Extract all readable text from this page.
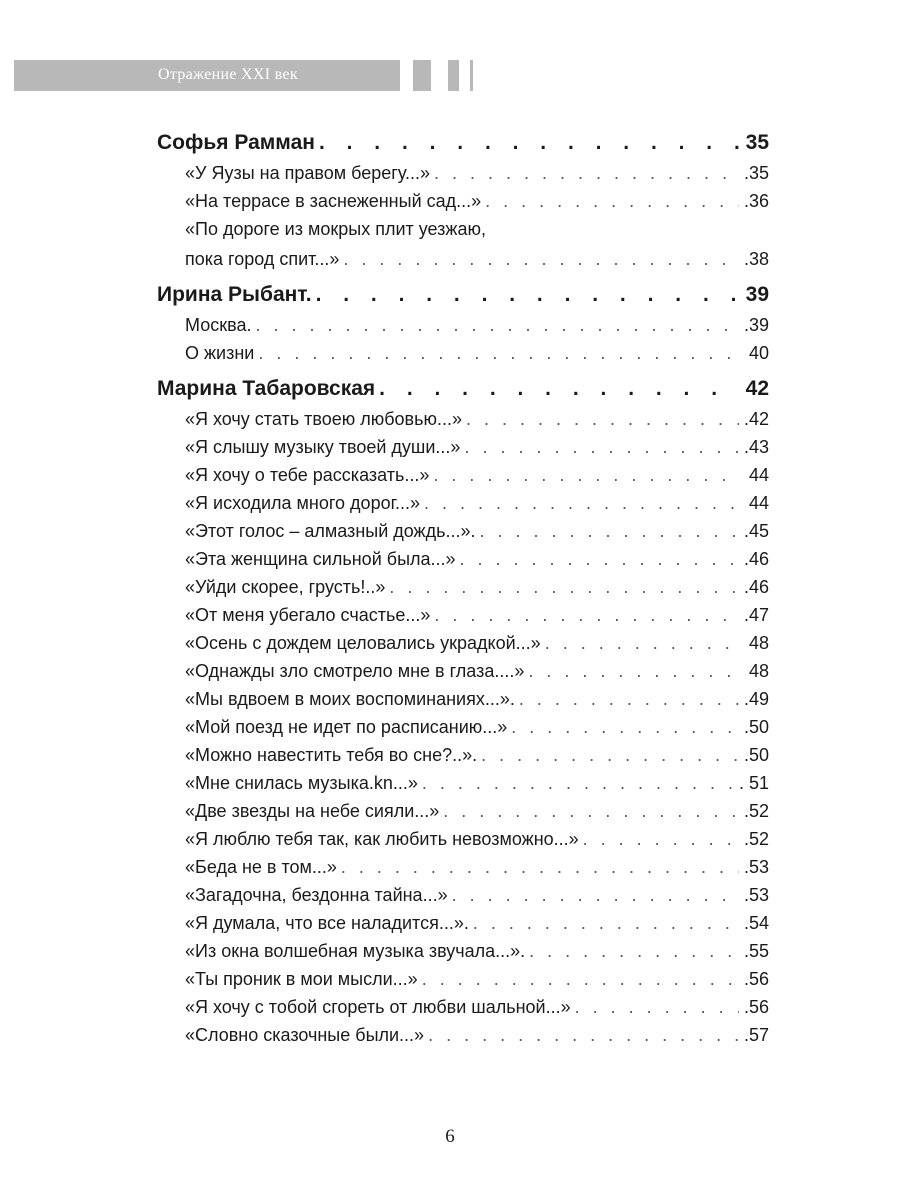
Отражение XXI век
Софья Рамман . . .	35
«У Яузы на правом берегу...» . . .	.35
«На террасе в заснеженный сад...» . . .	.36
«По дороге из мокрых плит уезжаю,
пока город спит...» . . .	.38
Ирина Рыбант. . . .	39
Москва. . . .	.39
О жизни . . .	40
Марина Табаровская . . .	42
«Я хочу стать твоею любовью...» . . .	.42
«Я слышу музыку твоей души...» . . .	.43
«Я хочу о тебе рассказать...» . . .	44
«Я исходила много дорог...» . . .	44
«Этот голос – алмазный дождь...». . . .	.45
«Эта женщина сильной была...» . . .	.46
«Уйди скорее, грусть!..» . . .	.46
«От меня убегало счастье...» . . .	.47
«Осень с дождем целовались украдкой...» . . .	48
«Однажды зло смотрело мне в глаза....» . . .	48
«Мы вдвоем в моих воспоминаниях...». . . .	.49
«Мой поезд не идет по расписанию...» . . .	.50
«Можно навестить тебя во сне?..». . . .	.50
«Мне снилась музыка.kn...» . . .	. 51
«Две звезды на небе сияли...» . . .	.52
«Я люблю тебя так, как любить невозможно...» . . .	.52
«Беда не в том...» . . .	.53
«Загадочна, бездонна тайна...» . . .	.53
«Я думала, что все наладится...». . . .	.54
«Из окна волшебная музыка звучала...». . . .	.55
«Ты проник в мои мысли...» . . .	.56
«Я хочу с тобой сгореть от любви шальной...» . . .	.56
«Словно сказочные были...» . . .	.57
6
